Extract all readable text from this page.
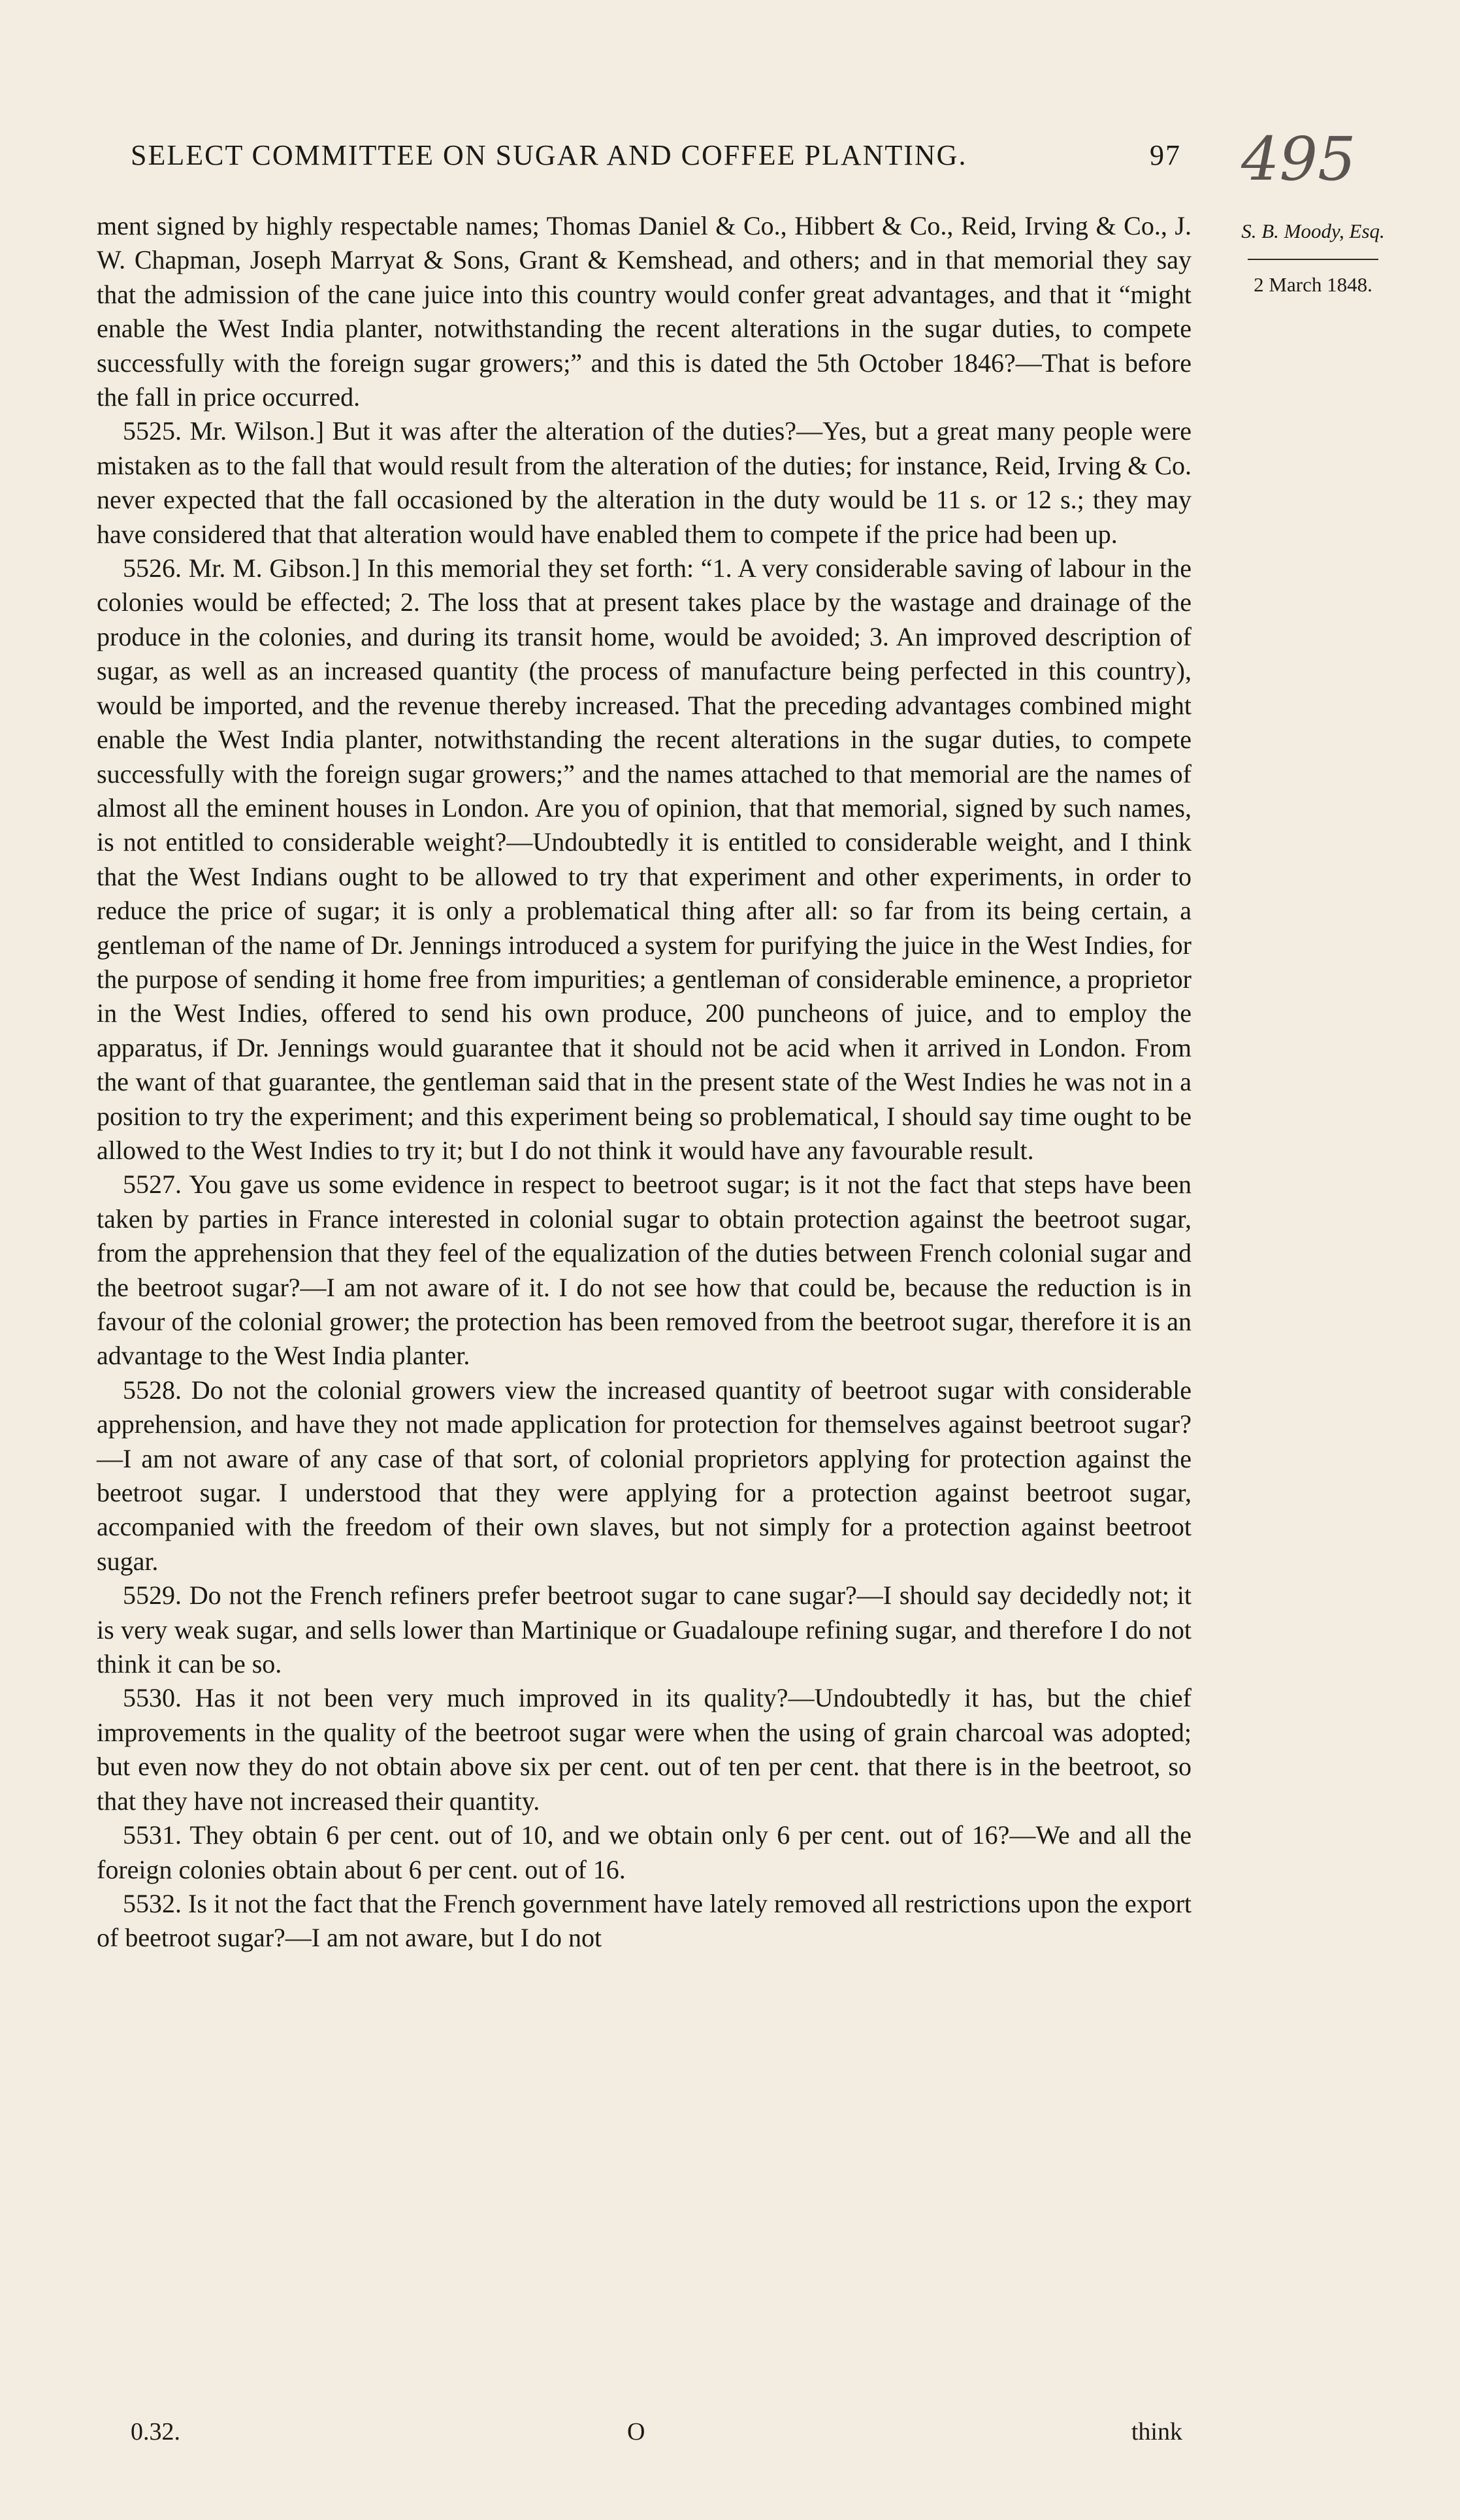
SELECT COMMITTEE ON SUGAR AND COFFEE PLANTING.	97 495
S. B. Moody, Esq.
2 March 1848.

ment signed by highly respectable names; Thomas Daniel & Co., Hibbert & Co., Reid, Irving & Co., J. W. Chapman, Joseph Marryat & Sons, Grant & Kemshead, and others; and in that memorial they say that the admission of the cane juice into this country would confer great advantages, and that it “might enable the West India planter, notwithstanding the recent alterations in the sugar duties, to compete successfully with the foreign sugar growers;” and this is dated the 5th October 1846?—That is before the fall in price occurred.

5525. Mr. Wilson.] But it was after the alteration of the duties?—Yes, but a great many people were mistaken as to the fall that would result from the alteration of the duties; for instance, Reid, Irving & Co. never expected that the fall occasioned by the alteration in the duty would be 11 s. or 12 s.; they may have considered that that alteration would have enabled them to compete if the price had been up.

5526. Mr. M. Gibson.] In this memorial they set forth: “1. A very considerable saving of labour in the colonies would be effected; 2. The loss that at present takes place by the wastage and drainage of the produce in the colonies, and during its transit home, would be avoided; 3. An improved description of sugar, as well as an increased quantity (the process of manufacture being perfected in this country), would be imported, and the revenue thereby increased. That the preceding advantages combined might enable the West India planter, notwithstanding the recent alterations in the sugar duties, to compete successfully with the foreign sugar growers;” and the names attached to that memorial are the names of almost all the eminent houses in London. Are you of opinion, that that memorial, signed by such names, is not entitled to considerable weight?—Undoubtedly it is entitled to considerable weight, and I think that the West Indians ought to be allowed to try that experiment and other experiments, in order to reduce the price of sugar; it is only a problematical thing after all: so far from its being certain, a gentleman of the name of Dr. Jennings introduced a system for purifying the juice in the West Indies, for the purpose of sending it home free from impurities; a gentleman of considerable eminence, a proprietor in the West Indies, offered to send his own produce, 200 puncheons of juice, and to employ the apparatus, if Dr. Jennings would guarantee that it should not be acid when it arrived in London. From the want of that guarantee, the gentleman said that in the present state of the West Indies he was not in a position to try the experiment; and this experiment being so problematical, I should say time ought to be allowed to the West Indies to try it; but I do not think it would have any favourable result.

5527. You gave us some evidence in respect to beetroot sugar; is it not the fact that steps have been taken by parties in France interested in colonial sugar to obtain protection against the beetroot sugar, from the apprehension that they feel of the equalization of the duties between French colonial sugar and the beetroot sugar?—I am not aware of it. I do not see how that could be, because the reduction is in favour of the colonial grower; the protection has been removed from the beetroot sugar, therefore it is an advantage to the West India planter.

5528. Do not the colonial growers view the increased quantity of beetroot sugar with considerable apprehension, and have they not made application for protection for themselves against beetroot sugar?—I am not aware of any case of that sort, of colonial proprietors applying for protection against the beetroot sugar. I understood that they were applying for a protection against beetroot sugar, accompanied with the freedom of their own slaves, but not simply for a protection against beetroot sugar.

5529. Do not the French refiners prefer beetroot sugar to cane sugar?—I should say decidedly not; it is very weak sugar, and sells lower than Martinique or Guadaloupe refining sugar, and therefore I do not think it can be so.

5530. Has it not been very much improved in its quality?—Undoubtedly it has, but the chief improvements in the quality of the beetroot sugar were when the using of grain charcoal was adopted; but even now they do not obtain above six per cent. out of ten per cent. that there is in the beetroot, so that they have not increased their quantity.

5531. They obtain 6 per cent. out of 10, and we obtain only 6 per cent. out of 16?—We and all the foreign colonies obtain about 6 per cent. out of 16.

5532. Is it not the fact that the French government have lately removed all restrictions upon the export of beetroot sugar?—I am not aware, but I do not

0.32.	O	think
